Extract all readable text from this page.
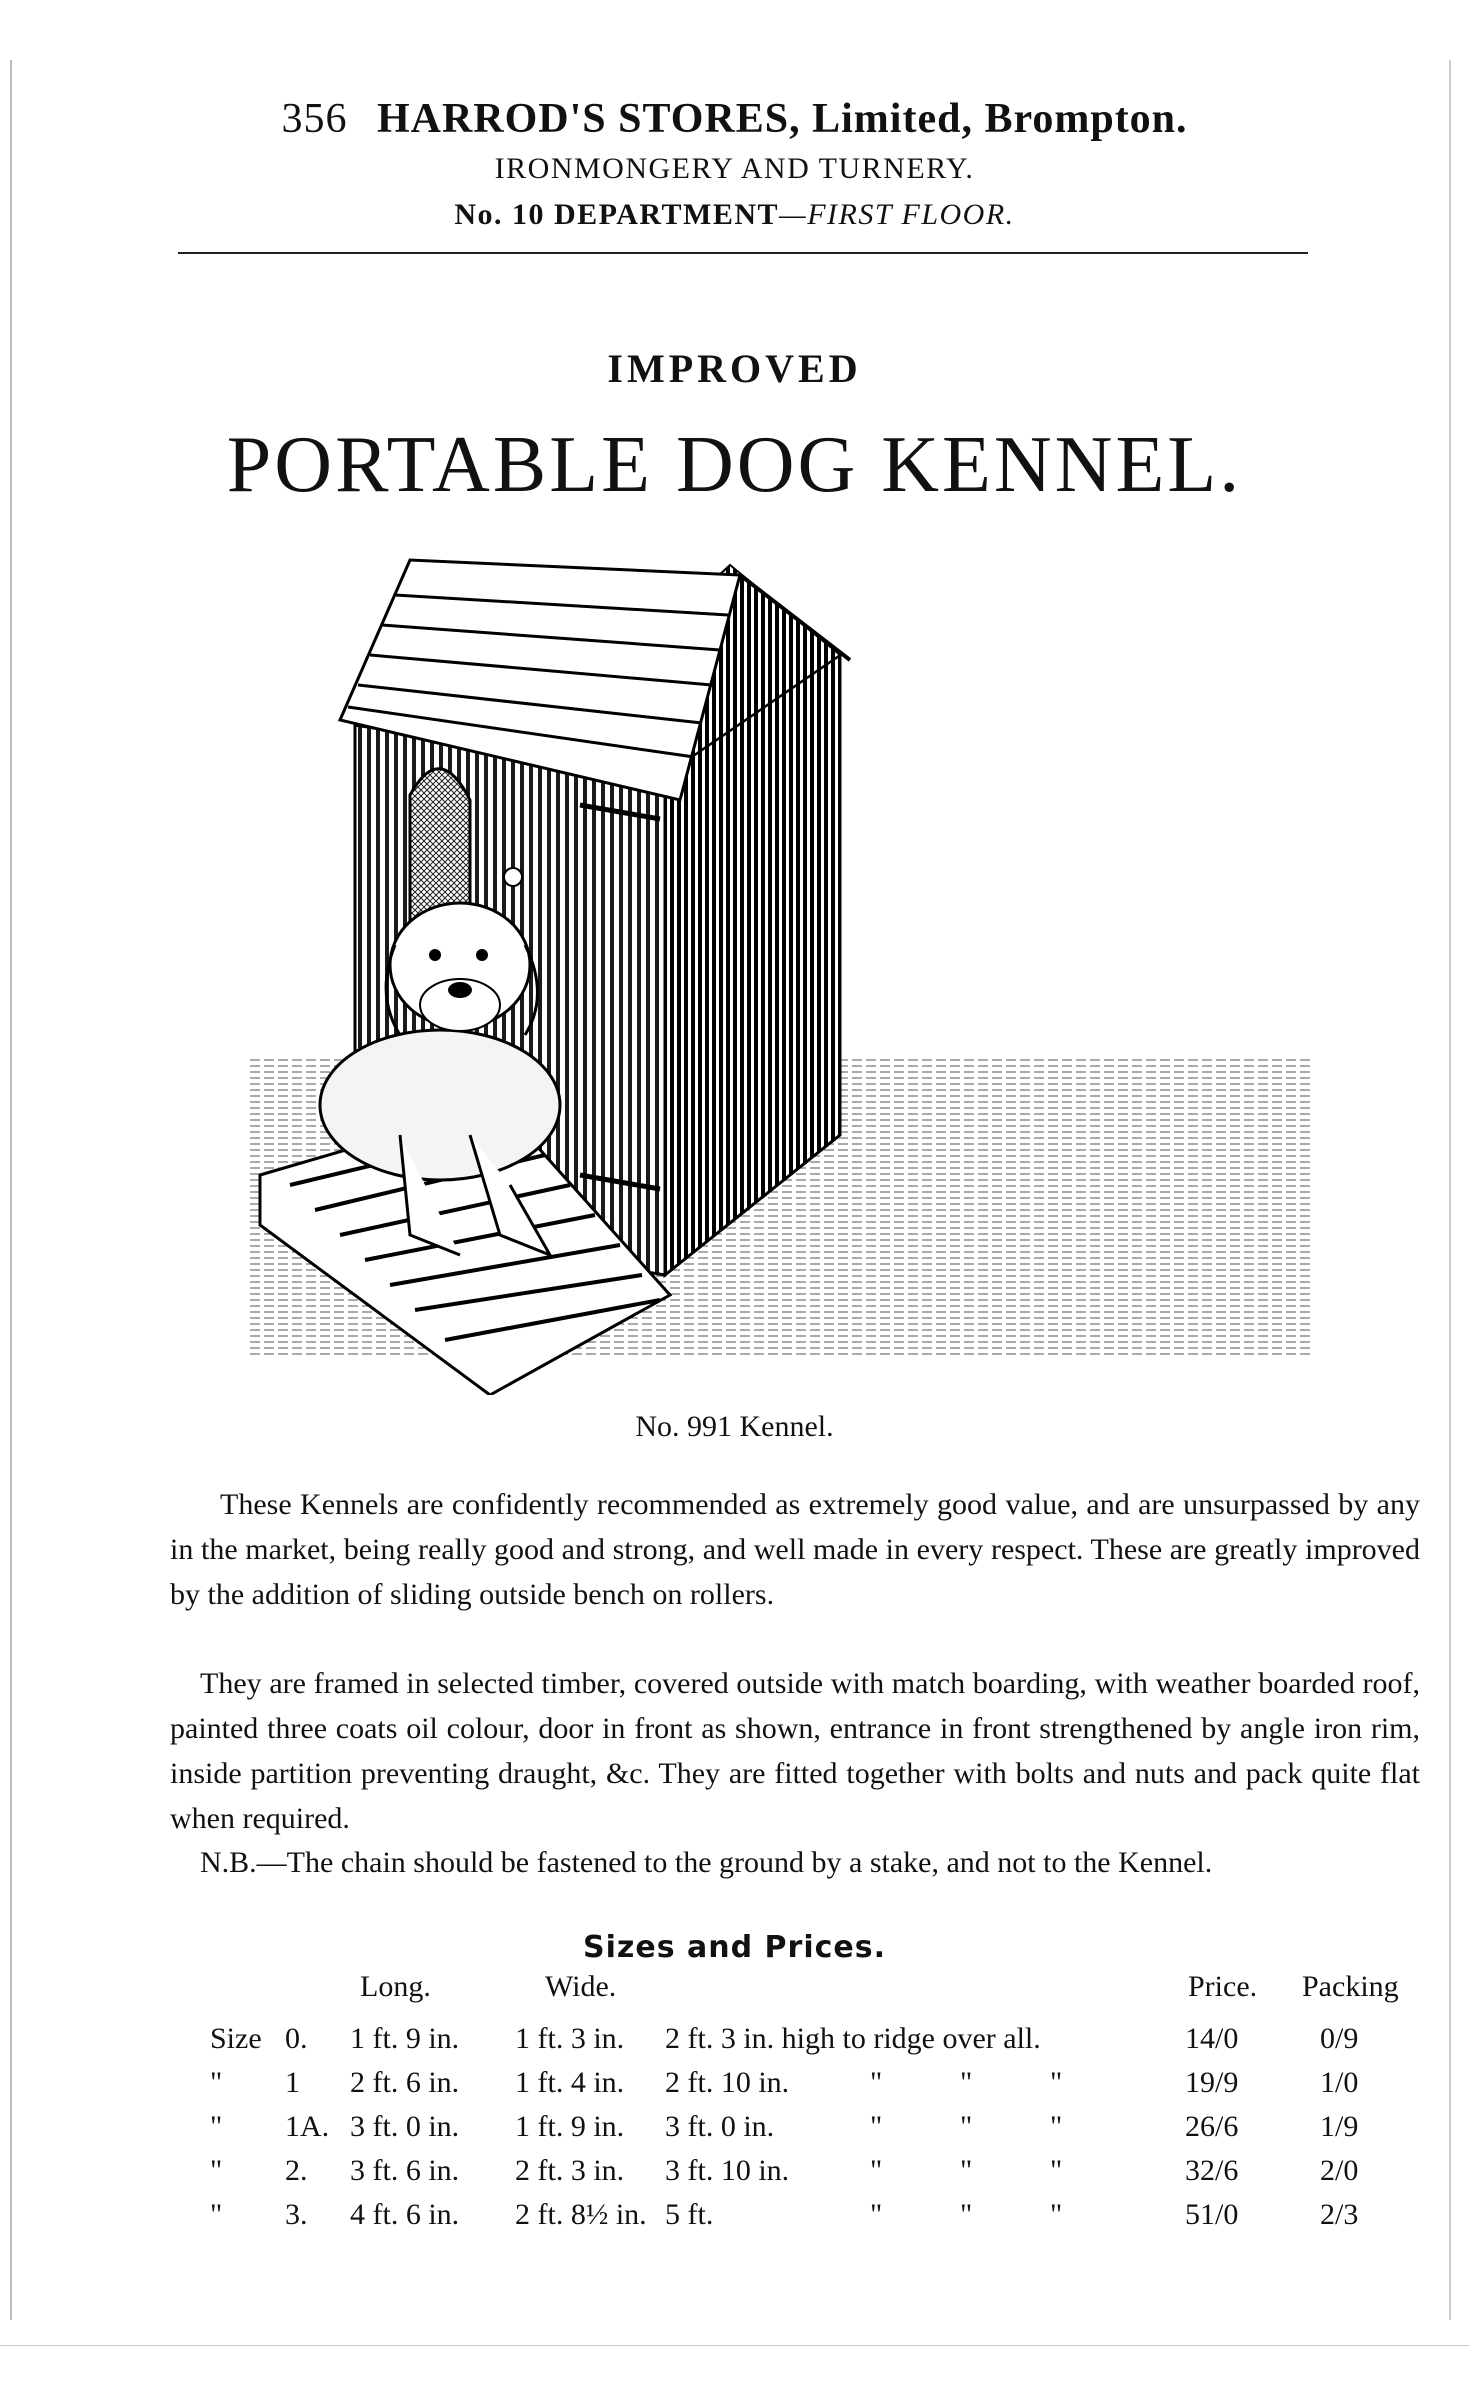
356 HARROD'S STORES, Limited, Brompton.
IRONMONGERY AND TURNERY.
No. 10 DEPARTMENT—FIRST FLOOR.
IMPROVED
PORTABLE DOG KENNEL.
No. 991 Kennel.
These Kennels are confidently recommended as extremely good value, and are unsurpassed by any in the market, being really good and strong, and well made in every respect. These are greatly improved by the addition of sliding outside bench on rollers.
They are framed in selected timber, covered outside with match boarding, with weather boarded roof, painted three coats oil colour, door in front as shown, entrance in front strengthened by angle iron rim, inside partition preventing draught, &c. They are fitted together with bolts and nuts and pack quite flat when required.
N.B.—The chain should be fastened to the ground by a stake, and not to the Kennel.
Sizes and Prices.
Long.	Wide.	Price. Packing
Size 0. 1 ft. 9 in. 1 ft. 3 in. 2 ft. 3 in. high to ridge over all.	14/0	0/9
" 1 2 ft. 6 in. 1 ft. 4 in. 2 ft. 10 in.	"	"	"	19/9	1/0
" 1A. 3 ft. 0 in. 1 ft. 9 in. 3 ft. 0 in.	"	"	"	26/6	1/9
" 2. 3 ft. 6 in. 2 ft. 3 in. 3 ft. 10 in.	"	"	"	32/6	2/0
" 3. 4 ft. 6 in. 2 ft. 8½ in. 5 ft.	"	"	"	51/0	2/3
